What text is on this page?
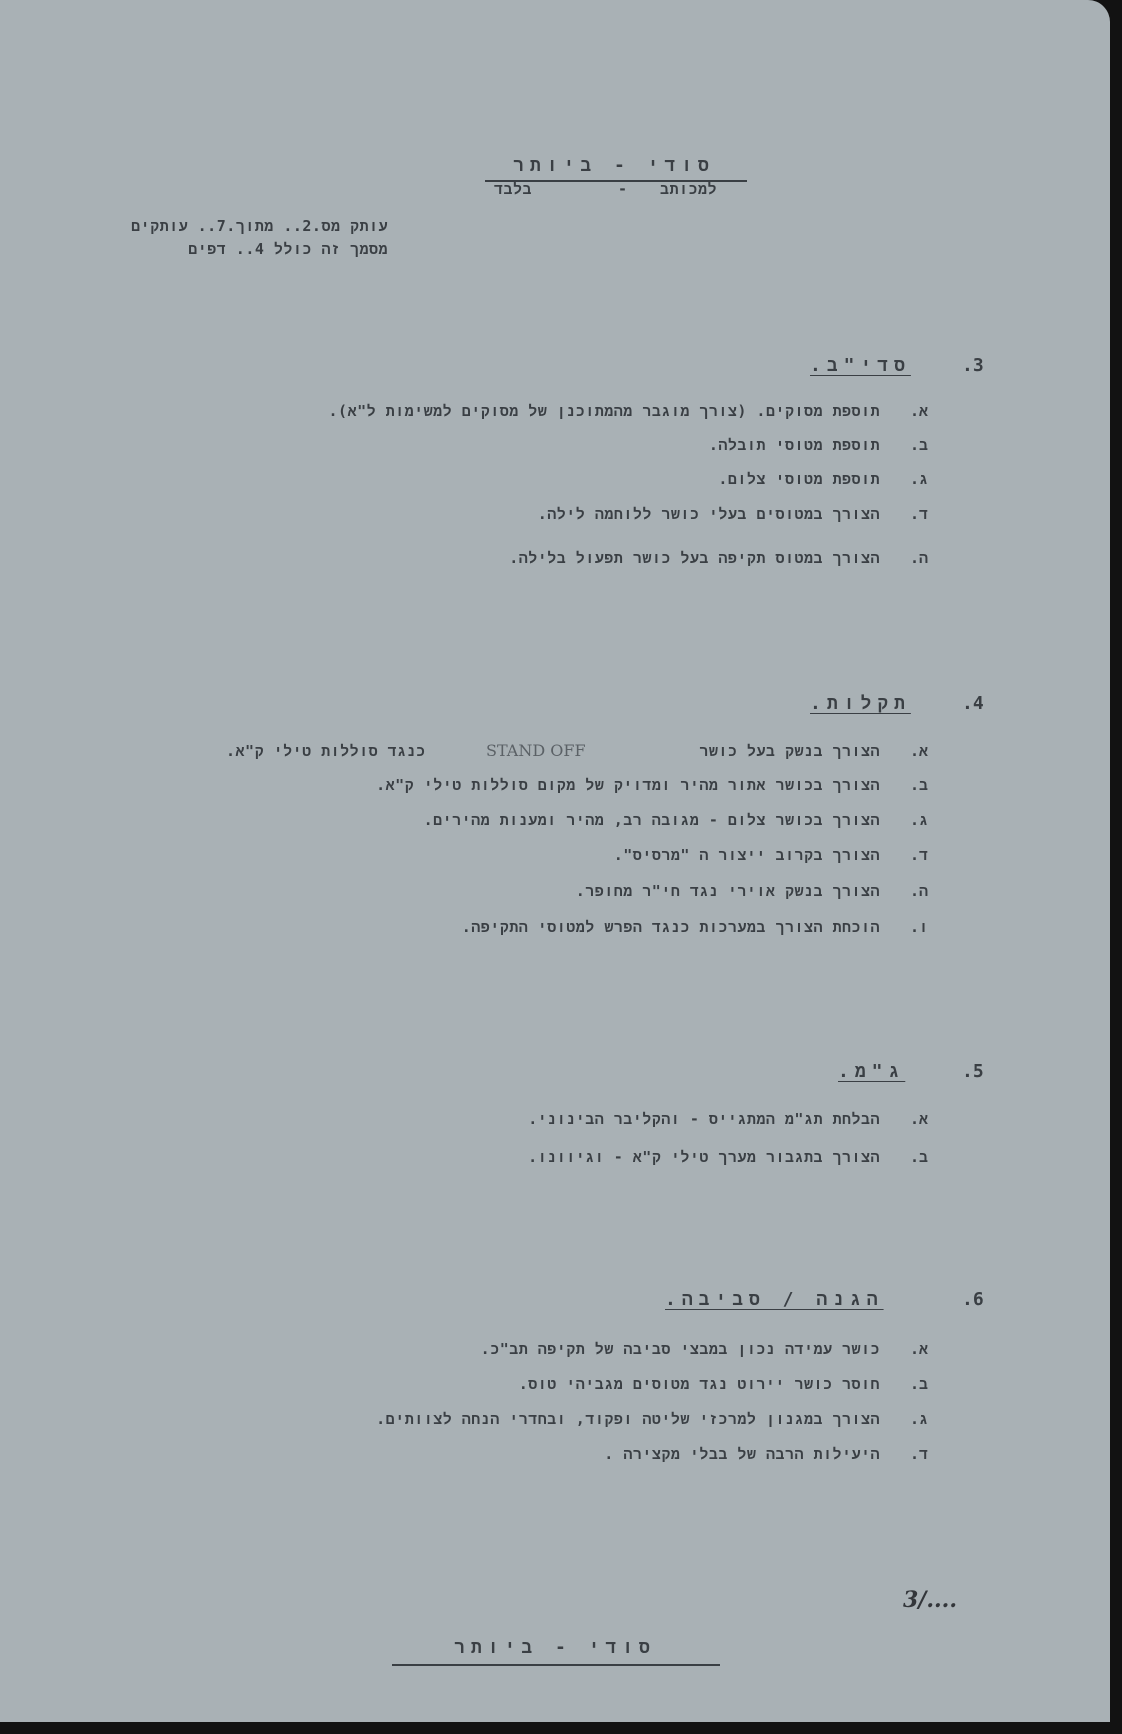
סודי - ביותר
למכותב
-
בלבד
עותק מס.2.. מתוך.7.. עותקים
מסמך זה כולל 4.. דפים
.3
סדי"ב.
.א
תוספת מסוקים. (צורך מוגבר מהמתוכנן של מסוקים למשימות ל"א).
.ב
תוספת מטוסי תובלה.
.ג
תוספת מטוסי צלום.
.ד
הצורך במטוסים בעלי כושר ללוחמה לילה.
.ה
הצורך במטוס תקיפה בעל כושר תפעול בלילה.
.4
תקלות.
.א
הצורך בנשק בעל כושר
STAND OFF
כנגד סוללות טילי ק"א.
.ב
הצורך בכושר אתור מהיר ומדויק של מקום סוללות טילי ק"א.
.ג
הצורך בכושר צלום - מגובה רב, מהיר ומענות מהירים.
.ד
הצורך בקרוב ייצור ה "מרסיס".
.ה
הצורך בנשק אוירי נגד חי"ר מחופר.
.ו
הוכחת הצורך במערכות כנגד הפרש למטוסי התקיפה.
.5
ג"מ.
.א
הבלחת תג"מ המתגייס - והקליבר הבינוני.
.ב
הצורך בתגבור מערך טילי ק"א - וגיוונו.
.6
הגנה / סביבה.
.א
כושר עמידה נכון במבצי סביבה של תקיפה תב"כ.
.ב
חוסר כושר יירוט נגד מטוסים מגביהי טוס.
.ג
הצורך במגנון למרכזי שליטה ופקוד, ובחדרי הנחה לצוותים.
.ד
היעילות הרבה של בבלי מקצירה .
3/....
סודי - ביותר
